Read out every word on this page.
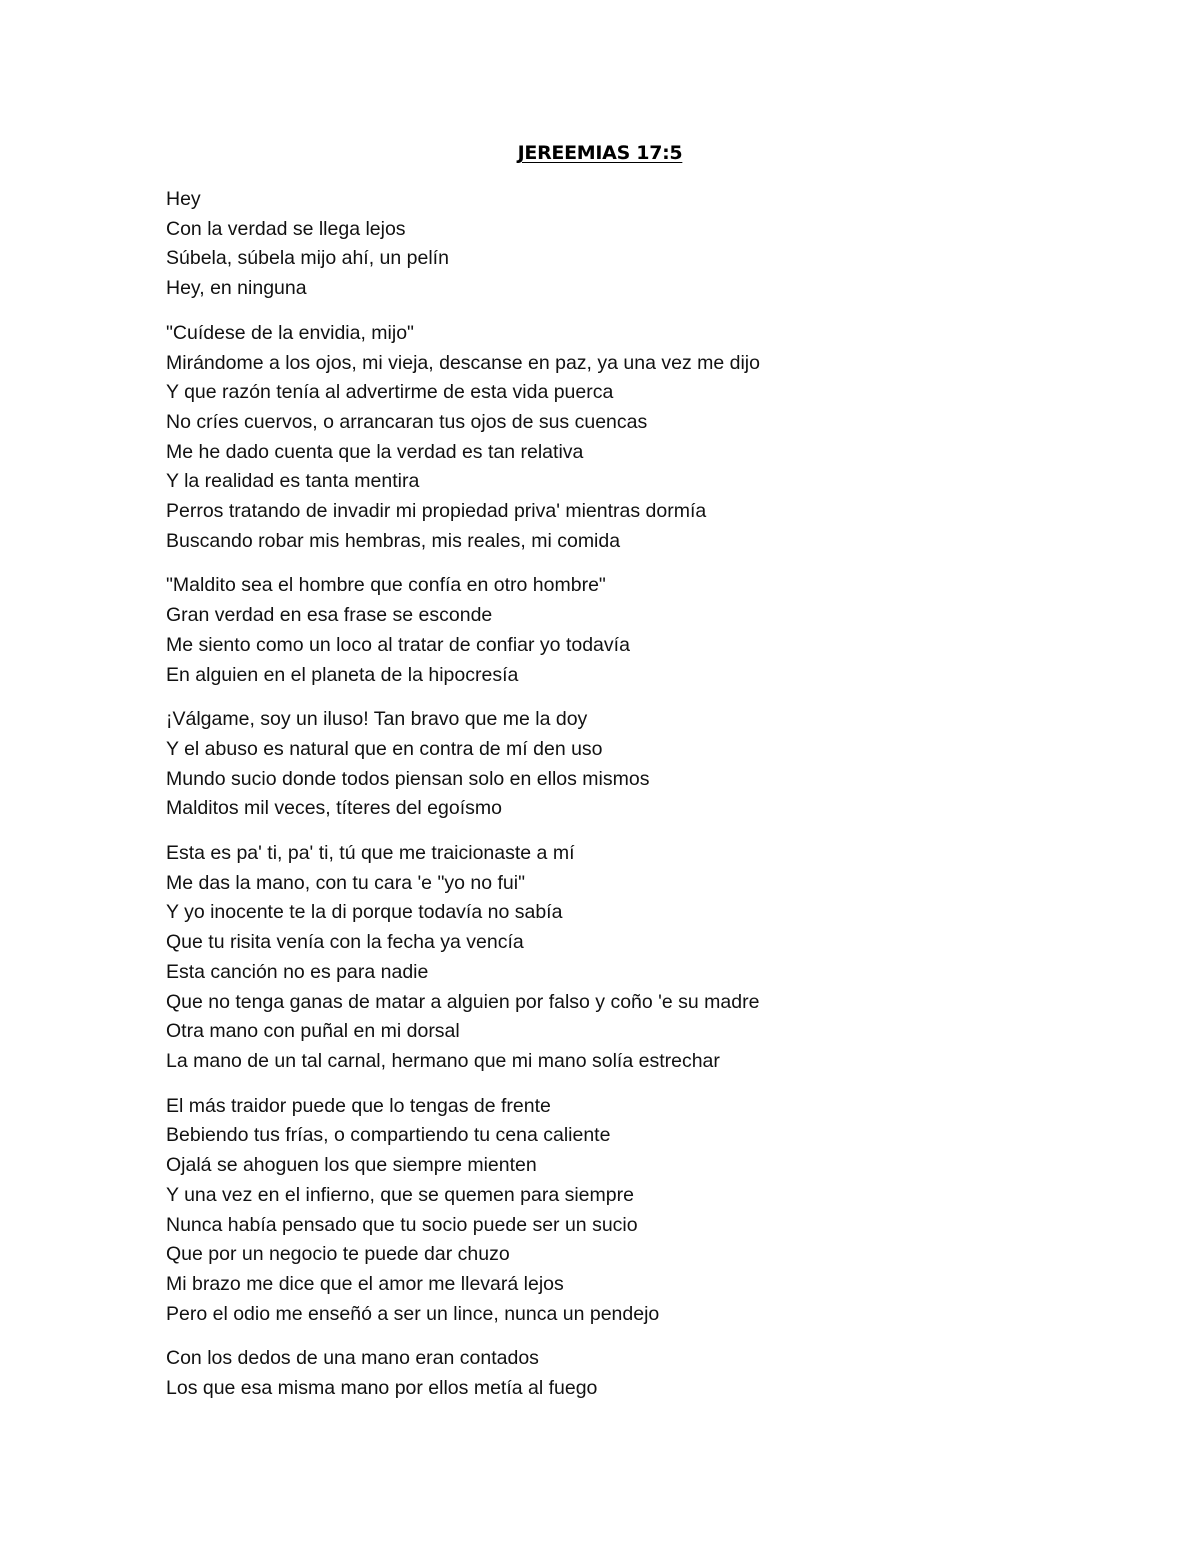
JEREEMIAS 17:5
Hey
Con la verdad se llega lejos
Súbela, súbela mijo ahí, un pelín
Hey, en ninguna
"Cuídese de la envidia, mijo"
Mirándome a los ojos, mi vieja, descanse en paz, ya una vez me dijo
Y que razón tenía al advertirme de esta vida puerca
No críes cuervos, o arrancaran tus ojos de sus cuencas
Me he dado cuenta que la verdad es tan relativa
Y la realidad es tanta mentira
Perros tratando de invadir mi propiedad priva' mientras dormía
Buscando robar mis hembras, mis reales, mi comida
"Maldito sea el hombre que confía en otro hombre"
Gran verdad en esa frase se esconde
Me siento como un loco al tratar de confiar yo todavía
En alguien en el planeta de la hipocresía
¡Válgame, soy un iluso! Tan bravo que me la doy
Y el abuso es natural que en contra de mí den uso
Mundo sucio donde todos piensan solo en ellos mismos
Malditos mil veces, títeres del egoísmo
Esta es pa' ti, pa' ti, tú que me traicionaste a mí
Me das la mano, con tu cara 'e "yo no fui"
Y yo inocente te la di porque todavía no sabía
Que tu risita venía con la fecha ya vencía
Esta canción no es para nadie
Que no tenga ganas de matar a alguien por falso y coño 'e su madre
Otra mano con puñal en mi dorsal
La mano de un tal carnal, hermano que mi mano solía estrechar
El más traidor puede que lo tengas de frente
Bebiendo tus frías, o compartiendo tu cena caliente
Ojalá se ahoguen los que siempre mienten
Y una vez en el infierno, que se quemen para siempre
Nunca había pensado que tu socio puede ser un sucio
Que por un negocio te puede dar chuzo
Mi brazo me dice que el amor me llevará lejos
Pero el odio me enseñó a ser un lince, nunca un pendejo
Con los dedos de una mano eran contados
Los que esa misma mano por ellos metía al fuego
